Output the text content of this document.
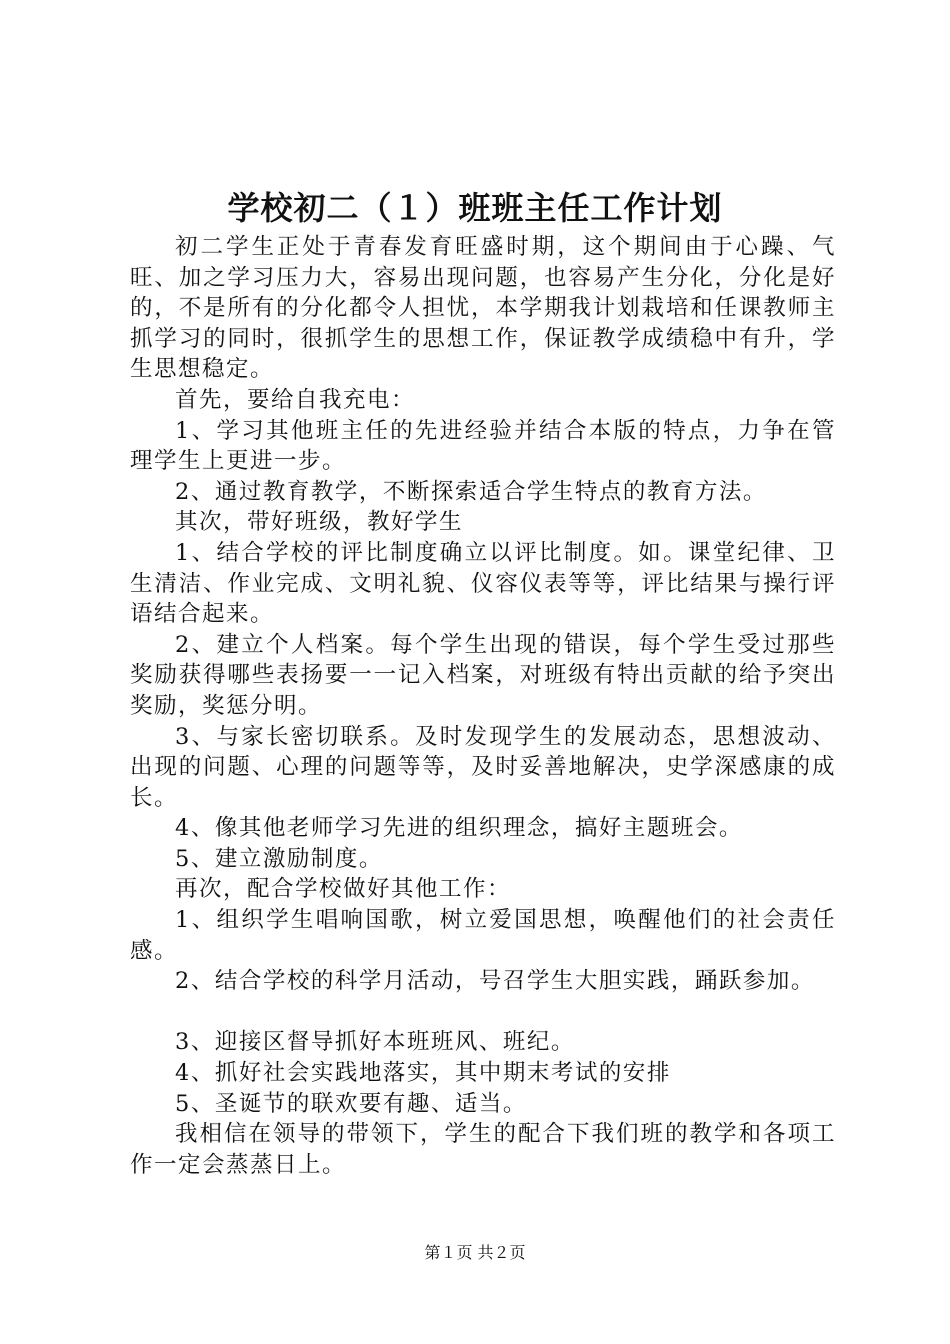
学校初二（１）班班主任工作计划

初二学生正处于青春发育旺盛时期，这个期间由于心躁、气旺、加之学习压力大，容易出现问题，也容易产生分化，分化是好的，不是所有的分化都令人担忧，本学期我计划栽培和任课教师主抓学习的同时，很抓学生的思想工作，保证教学成绩稳中有升，学生思想稳定。

首先，要给自我充电：

1、学习其他班主任的先进经验并结合本版的特点，力争在管理学生上更进一步。

2、通过教育教学，不断探索适合学生特点的教育方法。

其次，带好班级，教好学生

1、结合学校的评比制度确立以评比制度。如。课堂纪律、卫生清洁、作业完成、文明礼貌、仪容仪表等等，评比结果与操行评语结合起来。

2、建立个人档案。每个学生出现的错误，每个学生受过那些奖励获得哪些表扬要一一记入档案，对班级有特出贡献的给予突出奖励，奖惩分明。

3、与家长密切联系。及时发现学生的发展动态，思想波动、出现的问题、心理的问题等等，及时妥善地解决，史学深感康的成长。

4、像其他老师学习先进的组织理念，搞好主题班会。

5、建立激励制度。

再次，配合学校做好其他工作：

1、组织学生唱响国歌，树立爱国思想，唤醒他们的社会责任感。

2、结合学校的科学月活动，号召学生大胆实践，踊跃参加。

3、迎接区督导抓好本班班风、班纪。

4、抓好社会实践地落实，其中期末考试的安排

5、圣诞节的联欢要有趣、适当。

我相信在领导的带领下，学生的配合下我们班的教学和各项工作一定会蒸蒸日上。

第１页 共２页
